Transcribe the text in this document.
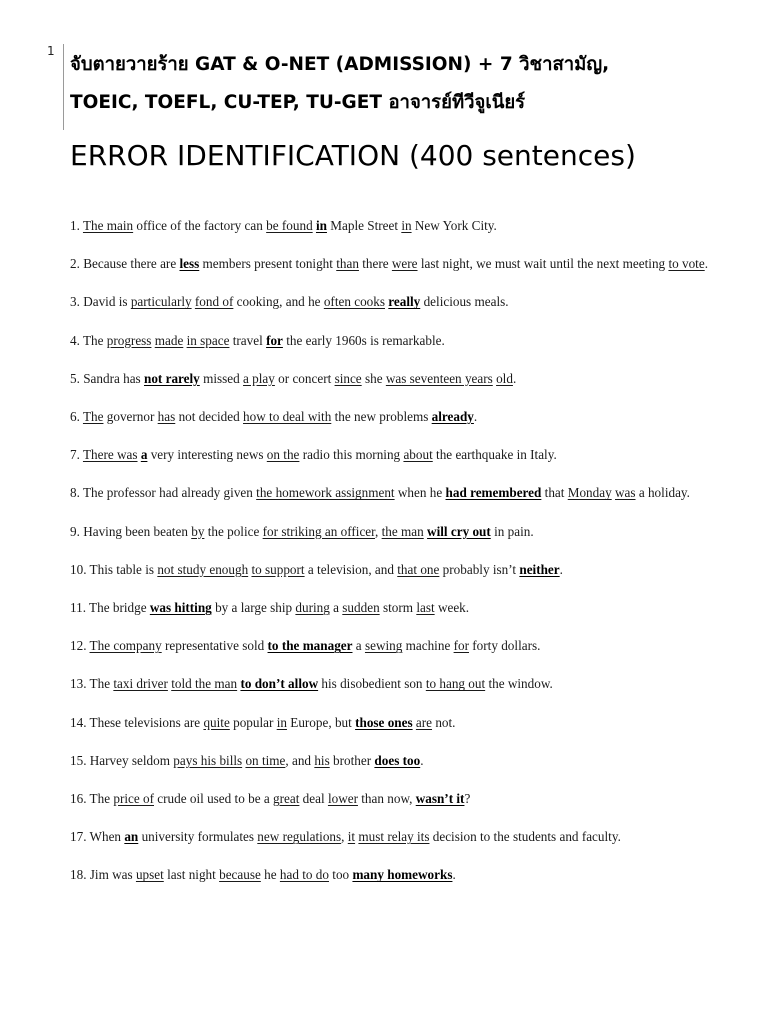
1
จับตายวายร้าย GAT & O-NET (ADMISSION) + 7 วิชาสามัญ,
TOEIC, TOEFL, CU-TEP, TU-GET อาจารย์ทีวีจูเนียร์
ERROR IDENTIFICATION (400 sentences)
1. The main office of the factory can be found in Maple Street in New York City.
2. Because there are less members present tonight than there were last night, we must wait until the next meeting to vote.
3. David is particularly fond of cooking, and he often cooks really delicious meals.
4. The progress made in space travel for the early 1960s is remarkable.
5. Sandra has not rarely missed a play or concert since she was seventeen years old.
6. The governor has not decided how to deal with the new problems already.
7. There was a very interesting news on the radio this morning about the earthquake in Italy.
8. The professor had already given the homework assignment when he had remembered that Monday was a holiday.
9. Having been beaten by the police for striking an officer, the man will cry out in pain.
10. This table is not study enough to support a television, and that one probably isn’t neither.
11. The bridge was hitting by a large ship during a sudden storm last week.
12. The company representative sold to the manager a sewing machine for forty dollars.
13. The taxi driver told the man to don’t allow his disobedient son to hang out the window.
14. These televisions are quite popular in Europe, but those ones are not.
15. Harvey seldom pays his bills on time, and his brother does too.
16. The price of crude oil used to be a great deal lower than now, wasn’t it?
17. When an university formulates new regulations, it must relay its decision to the students and faculty.
18. Jim was upset last night because he had to do too many homeworks.
